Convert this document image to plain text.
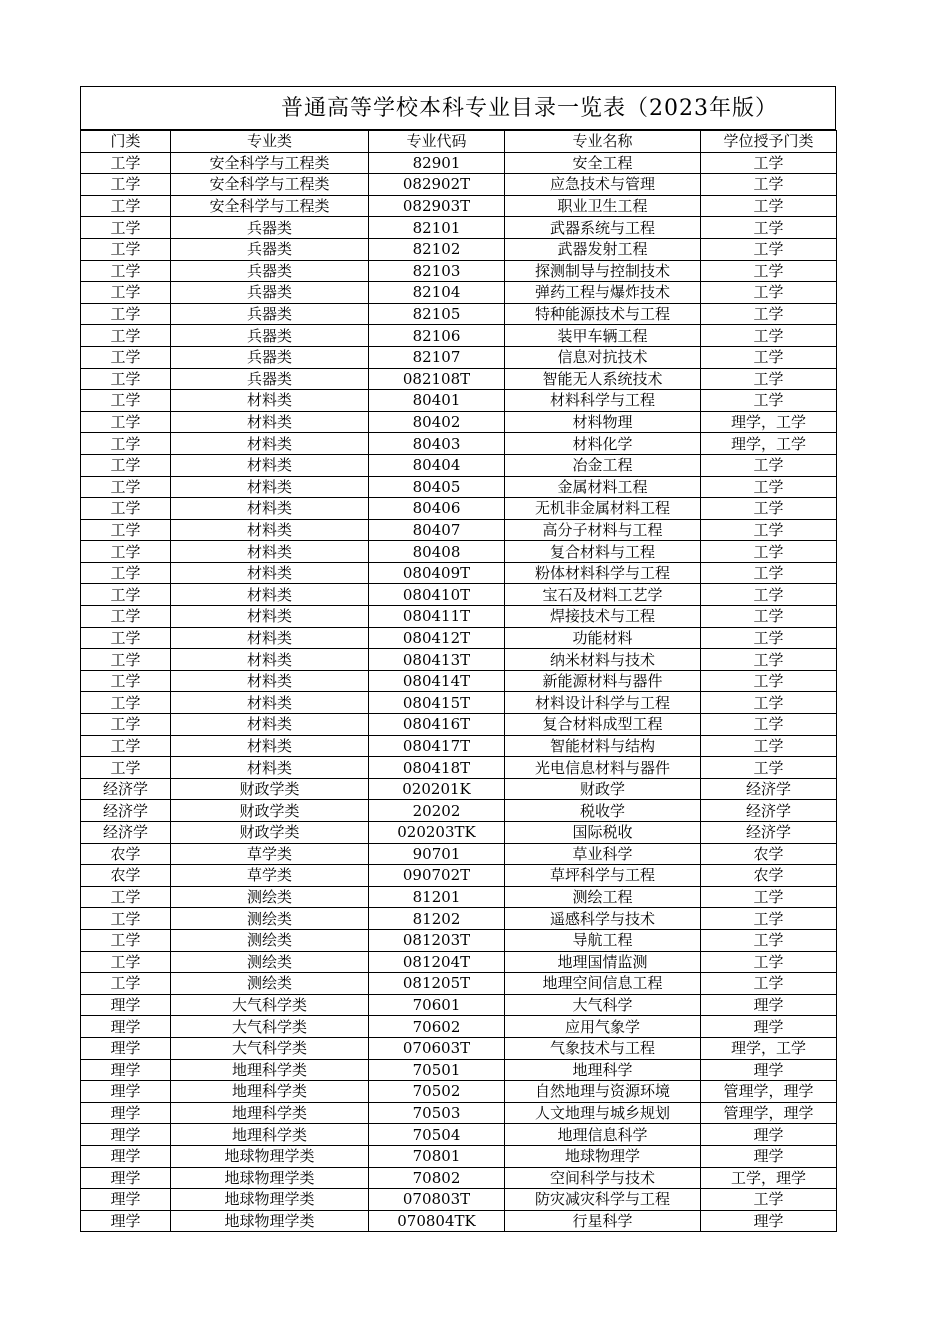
普通高等学校本科专业目录一览表（2023年版）
门类	专业类	专业代码	专业名称	学位授予门类
工学	安全科学与工程类	82901	安全工程	工学
工学	安全科学与工程类	082902T	应急技术与管理	工学
工学	安全科学与工程类	082903T	职业卫生工程	工学
工学	兵器类	82101	武器系统与工程	工学
工学	兵器类	82102	武器发射工程	工学
工学	兵器类	82103	探测制导与控制技术	工学
工学	兵器类	82104	弹药工程与爆炸技术	工学
工学	兵器类	82105	特种能源技术与工程	工学
工学	兵器类	82106	装甲车辆工程	工学
工学	兵器类	82107	信息对抗技术	工学
工学	兵器类	082108T	智能无人系统技术	工学
工学	材料类	80401	材料科学与工程	工学
工学	材料类	80402	材料物理	理学，工学
工学	材料类	80403	材料化学	理学，工学
工学	材料类	80404	冶金工程	工学
工学	材料类	80405	金属材料工程	工学
工学	材料类	80406	无机非金属材料工程	工学
工学	材料类	80407	高分子材料与工程	工学
工学	材料类	80408	复合材料与工程	工学
工学	材料类	080409T	粉体材料科学与工程	工学
工学	材料类	080410T	宝石及材料工艺学	工学
工学	材料类	080411T	焊接技术与工程	工学
工学	材料类	080412T	功能材料	工学
工学	材料类	080413T	纳米材料与技术	工学
工学	材料类	080414T	新能源材料与器件	工学
工学	材料类	080415T	材料设计科学与工程	工学
工学	材料类	080416T	复合材料成型工程	工学
工学	材料类	080417T	智能材料与结构	工学
工学	材料类	080418T	光电信息材料与器件	工学
经济学	财政学类	020201K	财政学	经济学
经济学	财政学类	20202	税收学	经济学
经济学	财政学类	020203TK	国际税收	经济学
农学	草学类	90701	草业科学	农学
农学	草学类	090702T	草坪科学与工程	农学
工学	测绘类	81201	测绘工程	工学
工学	测绘类	81202	遥感科学与技术	工学
工学	测绘类	081203T	导航工程	工学
工学	测绘类	081204T	地理国情监测	工学
工学	测绘类	081205T	地理空间信息工程	工学
理学	大气科学类	70601	大气科学	理学
理学	大气科学类	70602	应用气象学	理学
理学	大气科学类	070603T	气象技术与工程	理学，工学
理学	地理科学类	70501	地理科学	理学
理学	地理科学类	70502	自然地理与资源环境	管理学，理学
理学	地理科学类	70503	人文地理与城乡规划	管理学，理学
理学	地理科学类	70504	地理信息科学	理学
理学	地球物理学类	70801	地球物理学	理学
理学	地球物理学类	70802	空间科学与技术	工学，理学
理学	地球物理学类	070803T	防灾减灾科学与工程	工学
理学	地球物理学类	070804TK	行星科学	理学
